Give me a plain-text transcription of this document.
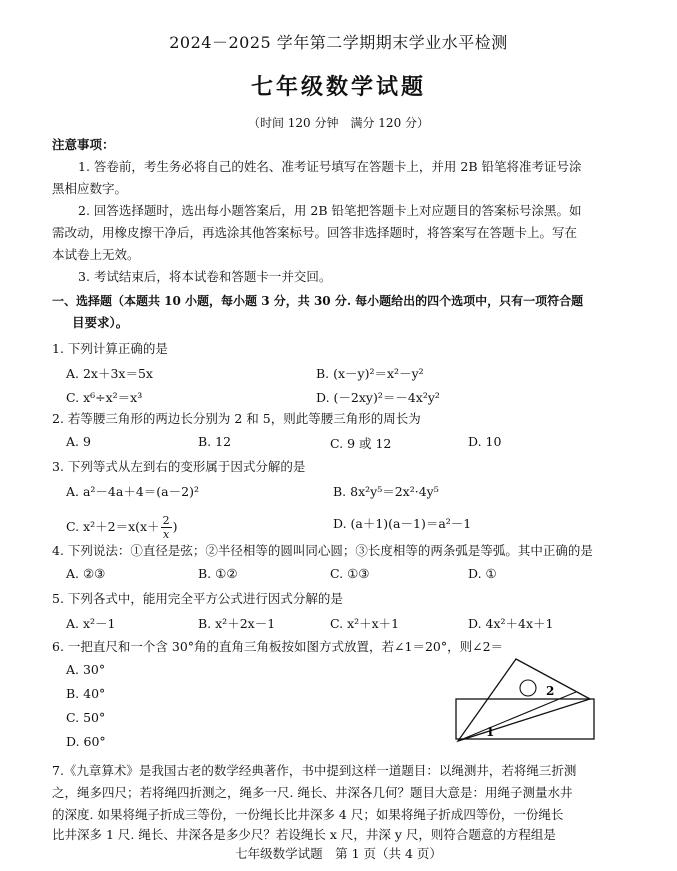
2024－2025 学年第二学期期末学业水平检测
七年级数学试题
（时间 120 分钟　满分 120 分）
注意事项：
1. 答卷前，考生务必将自己的姓名、准考证号填写在答题卡上，并用 2B 铅笔将准考证号涂
黑相应数字。
2. 回答选择题时，选出每小题答案后，用 2B 铅笔把答题卡上对应题目的答案标号涂黑。如
需改动，用橡皮擦干净后，再选涂其他答案标号。回答非选择题时，将答案写在答题卡上。写在
本试卷上无效。
3. 考试结束后，将本试卷和答题卡一并交回。
一、选择题（本题共 10 小题，每小题 3 分，共 30 分. 每小题给出的四个选项中，只有一项符合题
目要求）。
1. 下列计算正确的是
A. 2x＋3x＝5x	B. (x－y)²＝x²－y²
C. x⁶÷x²＝x³	D. (－2xy)²＝－4x²y²
2. 若等腰三角形的两边长分别为 2 和 5，则此等腰三角形的周长为
A. 9	B. 12	C. 9 或 12	D. 10
3. 下列等式从左到右的变形属于因式分解的是
A. a²－4a＋4＝(a－2)²	B. 8x²y⁵＝2x²·4y⁵
C. $x^2+2=x(x+ \frac{2}{x}$ )	D. (a＋1)(a－1)＝a²－1
4. 下列说法：①直径是弦；②半径相等的圆叫同心圆；③长度相等的两条弧是等弧。其中正确的是
A. ②③	B. ①②	C. ①③	D. ①
5. 下列各式中，能用完全平方公式进行因式分解的是
A. x²－1	B. x²＋2x－1	C. x²＋x＋1	D. 4x²＋4x＋1
6. 一把直尺和一个含 30°角的直角三角板按如图方式放置，若∠1＝20°，则∠2＝
A. 30°
B. 40°
C. 50°
D. 60°
2
1
7.《九章算术》是我国古老的数学经典著作，书中提到这样一道题目：以绳测井，若将绳三折测
之，绳多四尺；若将绳四折测之，绳多一尺. 绳长、井深各几何？题目大意是：用绳子测量水井
的深度. 如果将绳子折成三等份，一份绳长比井深多 4 尺；如果将绳子折成四等份，一份绳长
比井深多 1 尺. 绳长、井深各是多少尺？若设绳长 x 尺，井深 y 尺，则符合题意的方程组是
七年级数学试题　第 1 页（共 4 页）
